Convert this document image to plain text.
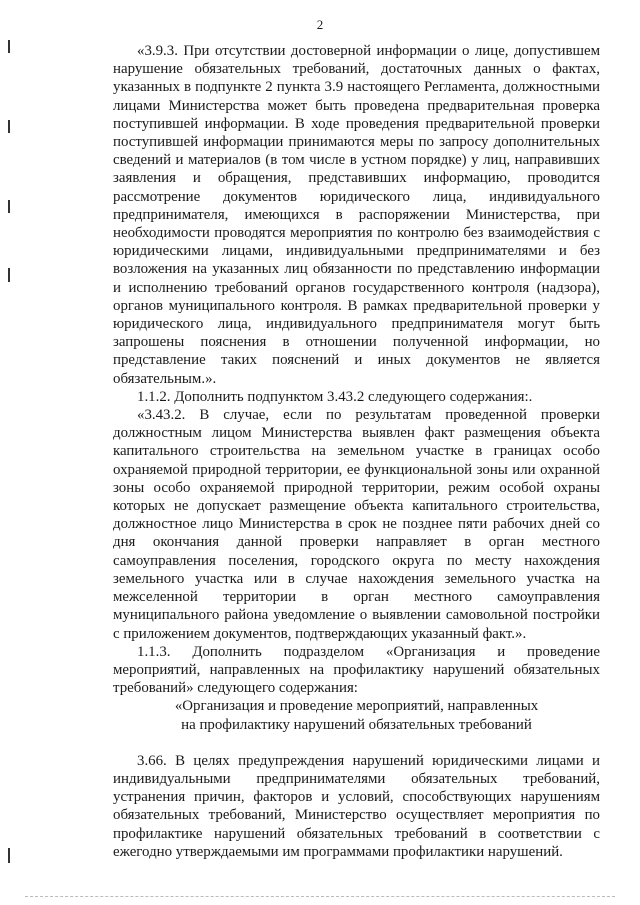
2

«3.9.3. При отсутствии достоверной информации о лице, допустившем нарушение обязательных требований, достаточных данных о фактах, указанных в подпункте 2 пункта 3.9 настоящего Регламента, должностными лицами Министерства может быть проведена предварительная проверка поступившей информации. В ходе проведения предварительной проверки поступившей информации принимаются меры по запросу дополнительных сведений и материалов (в том числе в устном порядке) у лиц, направивших заявления и обращения, представивших информацию, проводится рассмотрение документов юридического лица, индивидуального предпринимателя, имеющихся в распоряжении Министерства, при необходимости проводятся мероприятия по контролю без взаимодействия с юридическими лицами, индивидуальными предпринимателями и без возложения на указанных лиц обязанности по представлению информации и исполнению требований органов государственного контроля (надзора), органов муниципального контроля. В рамках предварительной проверки у юридического лица, индивидуального предпринимателя могут быть запрошены пояснения в отношении полученной информации, но представление таких пояснений и иных документов не является обязательным.».

1.1.2. Дополнить подпунктом 3.43.2 следующего содержания:.

«3.43.2. В случае, если по результатам проведенной проверки должностным лицом Министерства выявлен факт размещения объекта капитального строительства на земельном участке в границах особо охраняемой природной территории, ее функциональной зоны или охранной зоны особо охраняемой природной территории, режим особой охраны которых не допускает размещение объекта капитального строительства, должностное лицо Министерства в срок не позднее пяти рабочих дней со дня окончания данной проверки направляет в орган местного самоуправления поселения, городского округа по месту нахождения земельного участка или в случае нахождения земельного участка на межселенной территории в орган местного самоуправления муниципального района уведомление о выявлении самовольной постройки с приложением документов, подтверждающих указанный факт.».

1.1.3. Дополнить подразделом «Организация и проведение мероприятий, направленных на профилактику нарушений обязательных требований» следующего содержания:

«Организация и проведение мероприятий, направленных

на профилактику нарушений обязательных требований

3.66. В целях предупреждения нарушений юридическими лицами и индивидуальными предпринимателями обязательных требований, устранения причин, факторов и условий, способствующих нарушениям обязательных требований, Министерство осуществляет мероприятия по профилактике нарушений обязательных требований в соответствии с ежегодно утверждаемыми им программами профилактики нарушений.
